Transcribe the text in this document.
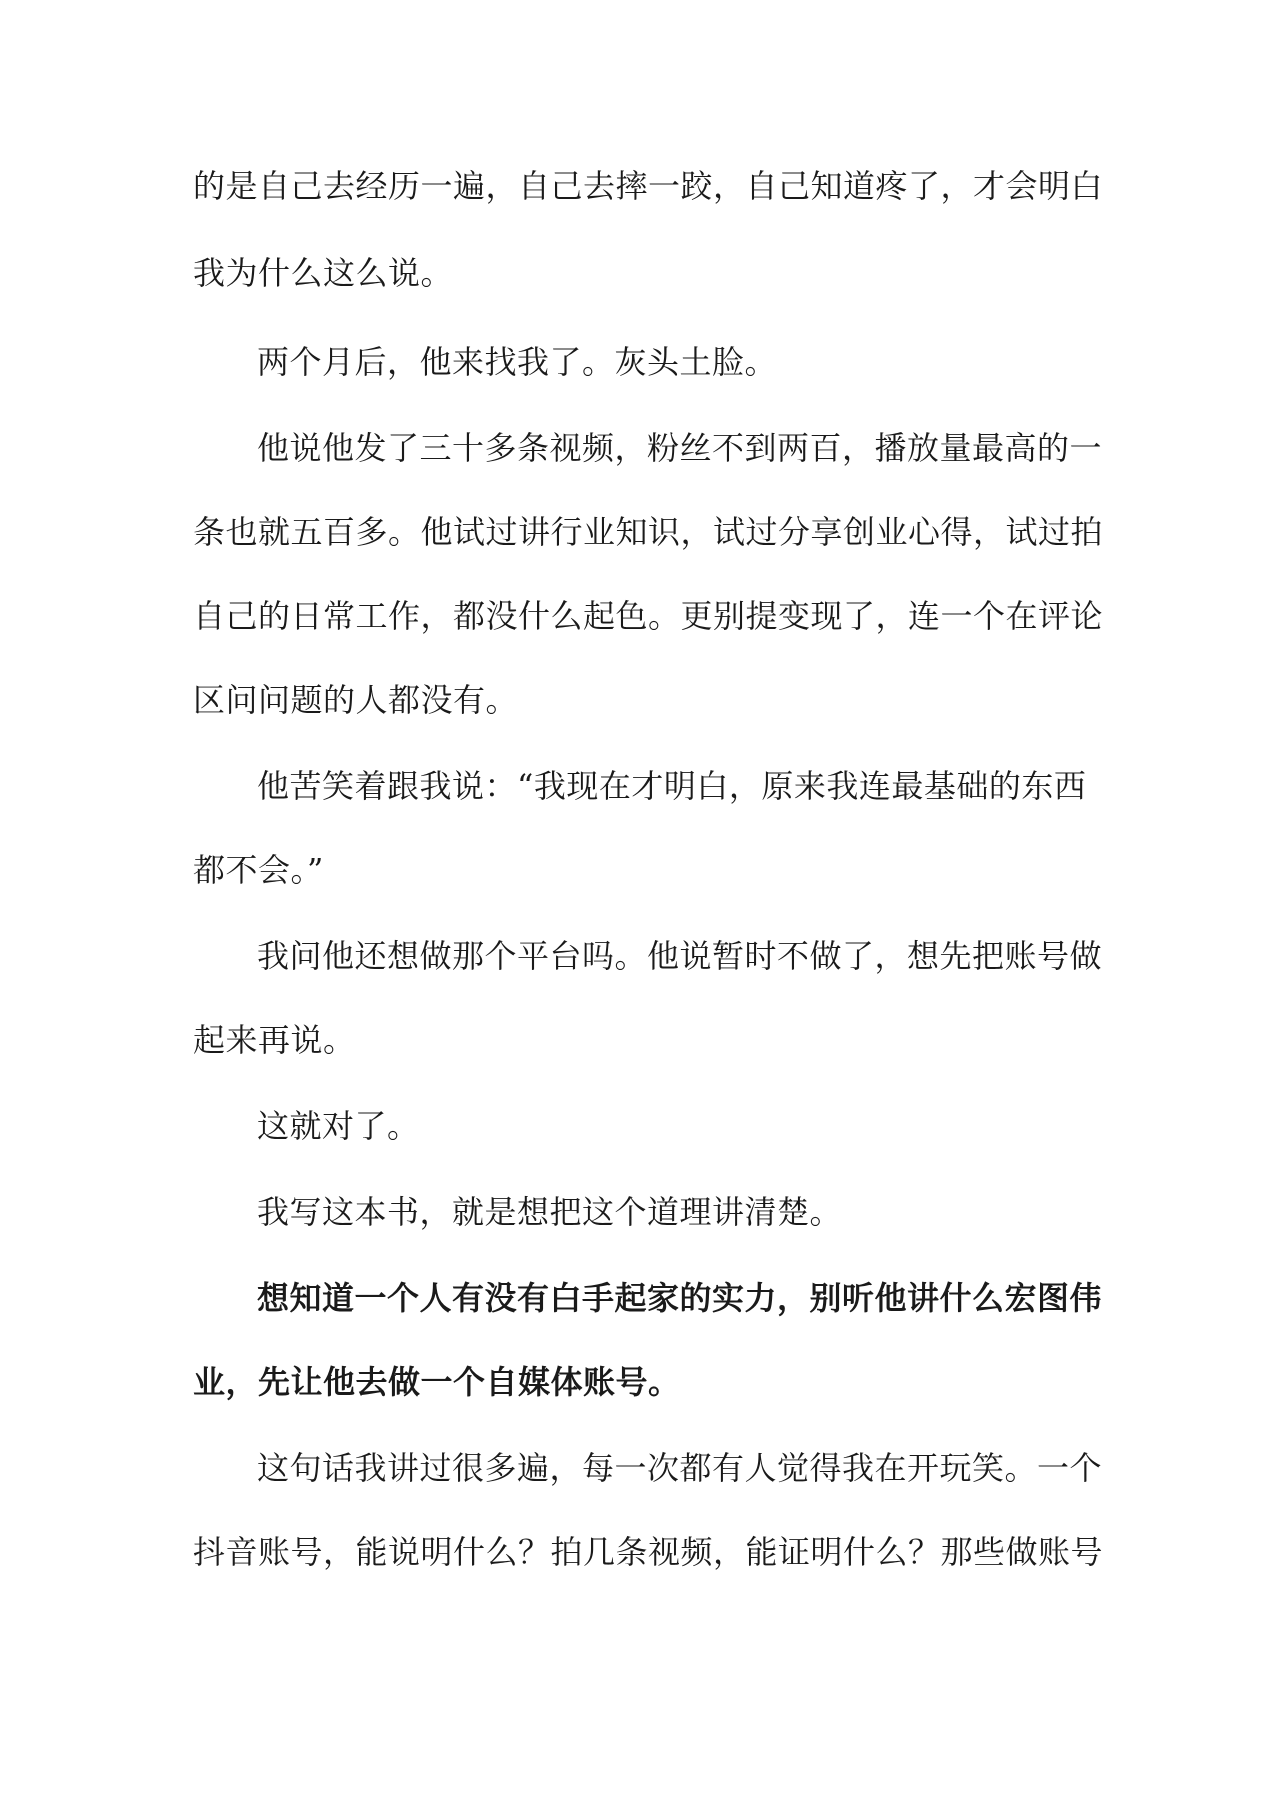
的是自己去经历一遍，自己去摔一跤，自己知道疼了，才会明白
我为什么这么说。
两个月后，他来找我了。灰头土脸。
他说他发了三十多条视频，粉丝不到两百，播放量最高的一
条也就五百多。他试过讲行业知识，试过分享创业心得，试过拍
自己的日常工作，都没什么起色。更别提变现了，连一个在评论
区问问题的人都没有。
他苦笑着跟我说：“我现在才明白，原来我连最基础的东西
都不会。”
我问他还想做那个平台吗。他说暂时不做了，想先把账号做
起来再说。
这就对了。
我写这本书，就是想把这个道理讲清楚。
想知道一个人有没有白手起家的实力，别听他讲什么宏图伟
业，先让他去做一个自媒体账号。
这句话我讲过很多遍，每一次都有人觉得我在开玩笑。一个
抖音账号，能说明什么？拍几条视频，能证明什么？那些做账号
